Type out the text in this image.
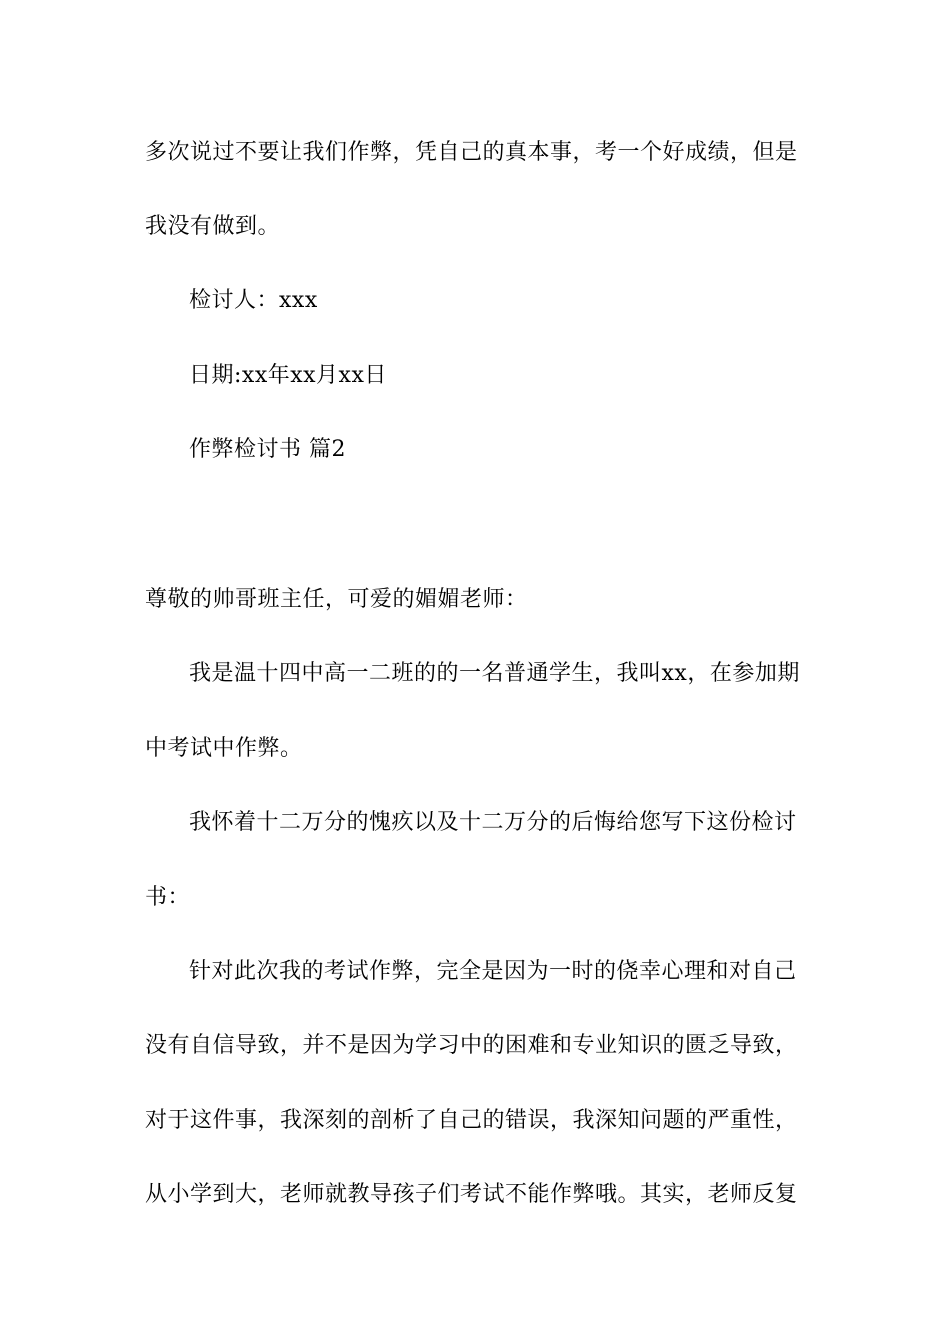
多次说过不要让我们作弊，凭自己的真本事，考一个好成绩，但是
我没有做到。
检讨人：xxx
日期:xx年xx月xx日
作弊检讨书 篇2
尊敬的帅哥班主任，可爱的媚媚老师：
我是温十四中高一二班的的一名普通学生，我叫xx，在参加期
中考试中作弊。
我怀着十二万分的愧疚以及十二万分的后悔给您写下这份检讨
书：
针对此次我的考试作弊，完全是因为一时的侥幸心理和对自己
没有自信导致，并不是因为学习中的困难和专业知识的匮乏导致，
对于这件事，我深刻的剖析了自己的错误，我深知问题的严重性，
从小学到大，老师就教导孩子们考试不能作弊哦。其实，老师反复
